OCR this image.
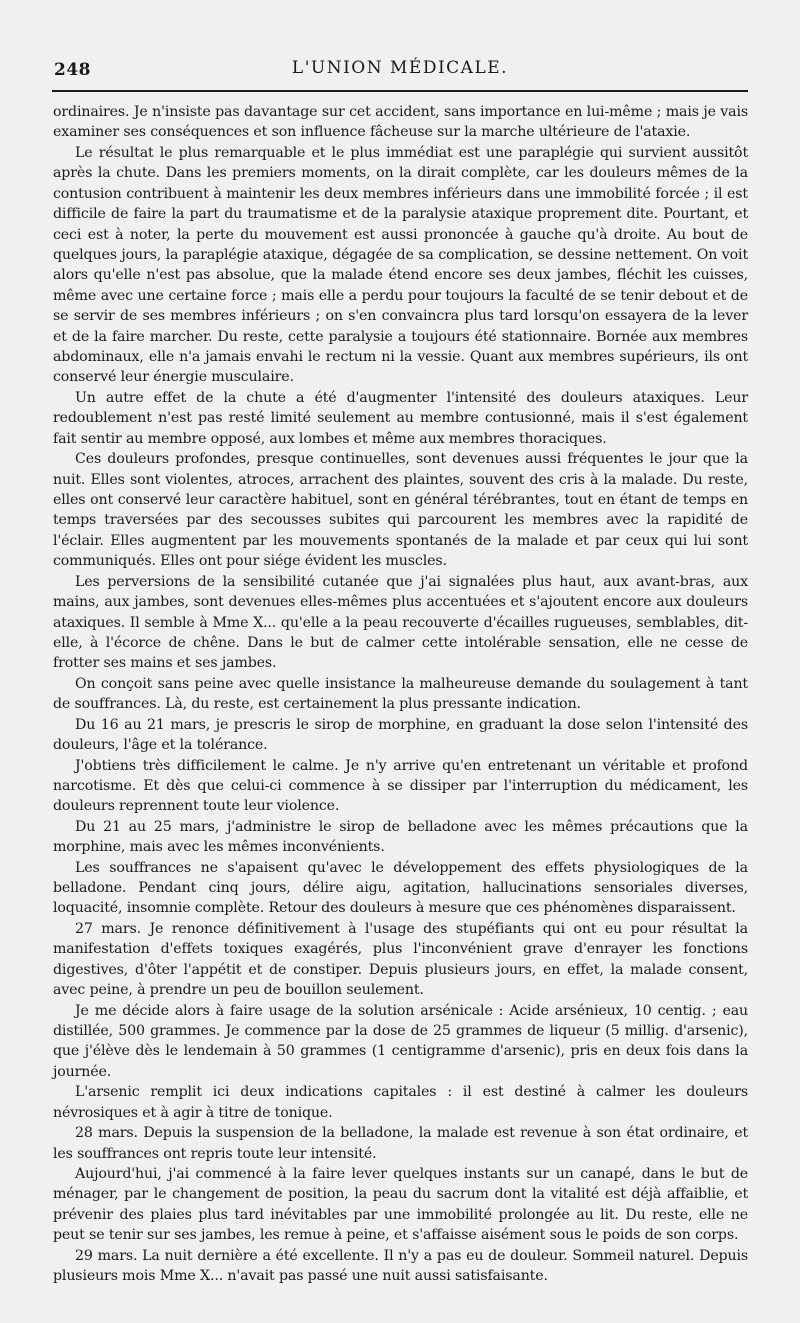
248	L'UNION MÉDICALE.

ordinaires. Je n'insiste pas davantage sur cet accident, sans importance en lui-même ; mais je vais examiner ses conséquences et son influence fâcheuse sur la marche ultérieure de l'ataxie.

Le résultat le plus remarquable et le plus immédiat est une paraplégie qui survient aussitôt après la chute. Dans les premiers moments, on la dirait complète, car les douleurs mêmes de la contusion contribuent à maintenir les deux membres inférieurs dans une immobilité forcée ; il est difficile de faire la part du traumatisme et de la paralysie ataxique proprement dite. Pourtant, et ceci est à noter, la perte du mouvement est aussi prononcée à gauche qu'à droite. Au bout de quelques jours, la paraplégie ataxique, dégagée de sa complication, se dessine nettement. On voit alors qu'elle n'est pas absolue, que la malade étend encore ses deux jambes, fléchit les cuisses, même avec une certaine force ; mais elle a perdu pour toujours la faculté de se tenir debout et de se servir de ses membres inférieurs ; on s'en convaincra plus tard lorsqu'on essayera de la lever et de la faire marcher. Du reste, cette paralysie a toujours été stationnaire. Bornée aux membres abdominaux, elle n'a jamais envahi le rectum ni la vessie. Quant aux membres supérieurs, ils ont conservé leur énergie musculaire.

Un autre effet de la chute a été d'augmenter l'intensité des douleurs ataxiques. Leur redoublement n'est pas resté limité seulement au membre contusionné, mais il s'est également fait sentir au membre opposé, aux lombes et même aux membres thoraciques.

Ces douleurs profondes, presque continuelles, sont devenues aussi fréquentes le jour que la nuit. Elles sont violentes, atroces, arrachent des plaintes, souvent des cris à la malade. Du reste, elles ont conservé leur caractère habituel, sont en général térébrantes, tout en étant de temps en temps traversées par des secousses subites qui parcourent les membres avec la rapidité de l'éclair. Elles augmentent par les mouvements spontanés de la malade et par ceux qui lui sont communiqués. Elles ont pour siége évident les muscles.

Les perversions de la sensibilité cutanée que j'ai signalées plus haut, aux avant-bras, aux mains, aux jambes, sont devenues elles-mêmes plus accentuées et s'ajoutent encore aux douleurs ataxiques. Il semble à Mme X... qu'elle a la peau recouverte d'écailles rugueuses, semblables, dit-elle, à l'écorce de chêne. Dans le but de calmer cette intolérable sensation, elle ne cesse de frotter ses mains et ses jambes.

On conçoit sans peine avec quelle insistance la malheureuse demande du soulagement à tant de souffrances. Là, du reste, est certainement la plus pressante indication.

Du 16 au 21 mars, je prescris le sirop de morphine, en graduant la dose selon l'intensité des douleurs, l'âge et la tolérance.

J'obtiens très difficilement le calme. Je n'y arrive qu'en entretenant un véritable et profond narcotisme. Et dès que celui-ci commence à se dissiper par l'interruption du médicament, les douleurs reprennent toute leur violence.

Du 21 au 25 mars, j'administre le sirop de belladone avec les mêmes précautions que la morphine, mais avec les mêmes inconvénients.

Les souffrances ne s'apaisent qu'avec le développement des effets physiologiques de la belladone. Pendant cinq jours, délire aigu, agitation, hallucinations sensoriales diverses, loquacité, insomnie complète. Retour des douleurs à mesure que ces phénomènes disparaissent.

27 mars. Je renonce définitivement à l'usage des stupéfiants qui ont eu pour résultat la manifestation d'effets toxiques exagérés, plus l'inconvénient grave d'enrayer les fonctions digestives, d'ôter l'appétit et de constiper. Depuis plusieurs jours, en effet, la malade consent, avec peine, à prendre un peu de bouillon seulement.

Je me décide alors à faire usage de la solution arsénicale : Acide arsénieux, 10 centig. ; eau distillée, 500 grammes. Je commence par la dose de 25 grammes de liqueur (5 millig. d'arsenic), que j'élève dès le lendemain à 50 grammes (1 centigramme d'arsenic), pris en deux fois dans la journée.

L'arsenic remplit ici deux indications capitales : il est destiné à calmer les douleurs névrosiques et à agir à titre de tonique.

28 mars. Depuis la suspension de la belladone, la malade est revenue à son état ordinaire, et les souffrances ont repris toute leur intensité.

Aujourd'hui, j'ai commencé à la faire lever quelques instants sur un canapé, dans le but de ménager, par le changement de position, la peau du sacrum dont la vitalité est déjà affaiblie, et prévenir des plaies plus tard inévitables par une immobilité prolongée au lit. Du reste, elle ne peut se tenir sur ses jambes, les remue à peine, et s'affaisse aisément sous le poids de son corps.

29 mars. La nuit dernière a été excellente. Il n'y a pas eu de douleur. Sommeil naturel. Depuis plusieurs mois Mme X... n'avait pas passé une nuit aussi satisfaisante.
